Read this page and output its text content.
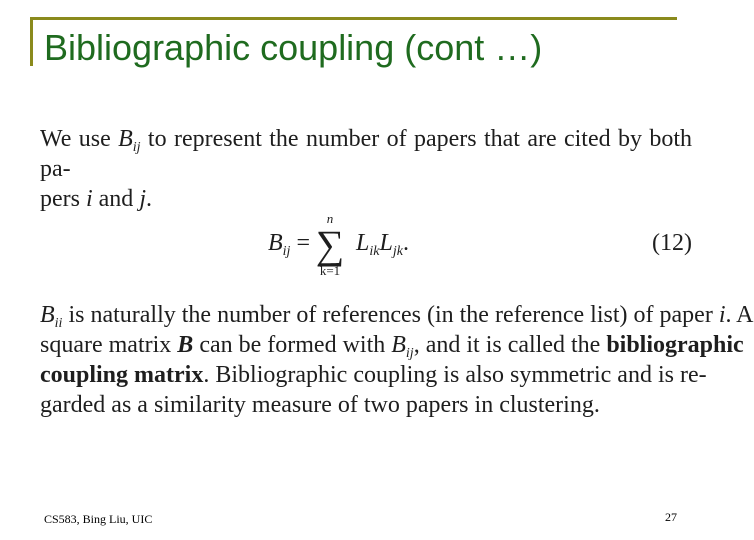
Bibliographic coupling (cont …)
We use $B_{ij}$ to represent the number of papers that are cited by both pa-
pers i and j.
$B_{ij}$ =
n
∑
k=1
$L_{ik}L_{jk}$.	(12)
$B_{ii}$ is naturally the number of references (in the reference list) of paper i. A
square matrix B can be formed with $B_{ij}$, and it is called the bibliographic
coupling matrix. Bibliographic coupling is also symmetric and is re-
garded as a similarity measure of two papers in clustering.
CS583, Bing Liu, UIC	27
